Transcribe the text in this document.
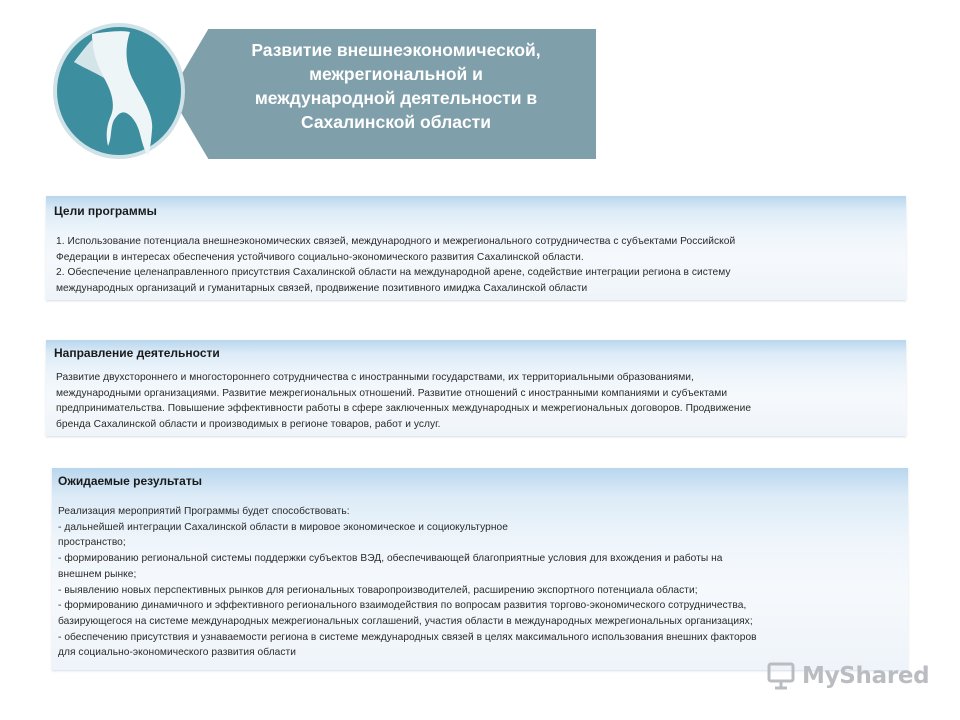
Развитие внешнеэкономической,
межрегиональной и
международной деятельности в
Сахалинской области
Цели программы
1. Использование потенциала внешнеэкономических связей, международного и межрегионального сотрудничества с субъектами Российской
Федерации в интересах обеспечения устойчивого социально-экономического развития Сахалинской области.
2. Обеспечение целенаправленного присутствия Сахалинской области на международной арене, содействие интеграции региона в систему
международных организаций и гуманитарных связей, продвижение позитивного имиджа Сахалинской области
Направление деятельности
Развитие двухстороннего и многостороннего сотрудничества с иностранными государствами, их территориальными образованиями,
международными организациями. Развитие межрегиональных отношений. Развитие отношений с иностранными компаниями и субъектами
предпринимательства. Повышение эффективности работы в сфере заключенных международных и межрегиональных договоров. Продвижение
бренда Сахалинской области и производимых в регионе товаров, работ и услуг.
Ожидаемые результаты
Реализация мероприятий Программы будет способствовать:
- дальнейшей интеграции Сахалинской области в мировое экономическое и социокультурное
пространство;
- формированию региональной системы поддержки субъектов ВЭД, обеспечивающей благоприятные условия для вхождения и работы на
внешнем рынке;
- выявлению новых перспективных рынков для региональных товаропроизводителей, расширению экспортного потенциала области;
- формированию динамичного и эффективного регионального взаимодействия по вопросам развития торгово-экономического сотрудничества,
базирующегося на системе международных межрегиональных соглашений, участия области в международных межрегиональных организациях;
- обеспечению присутствия и узнаваемости региона в системе международных связей в целях максимального использования внешних факторов
для социально-экономического развития области
MyShared
